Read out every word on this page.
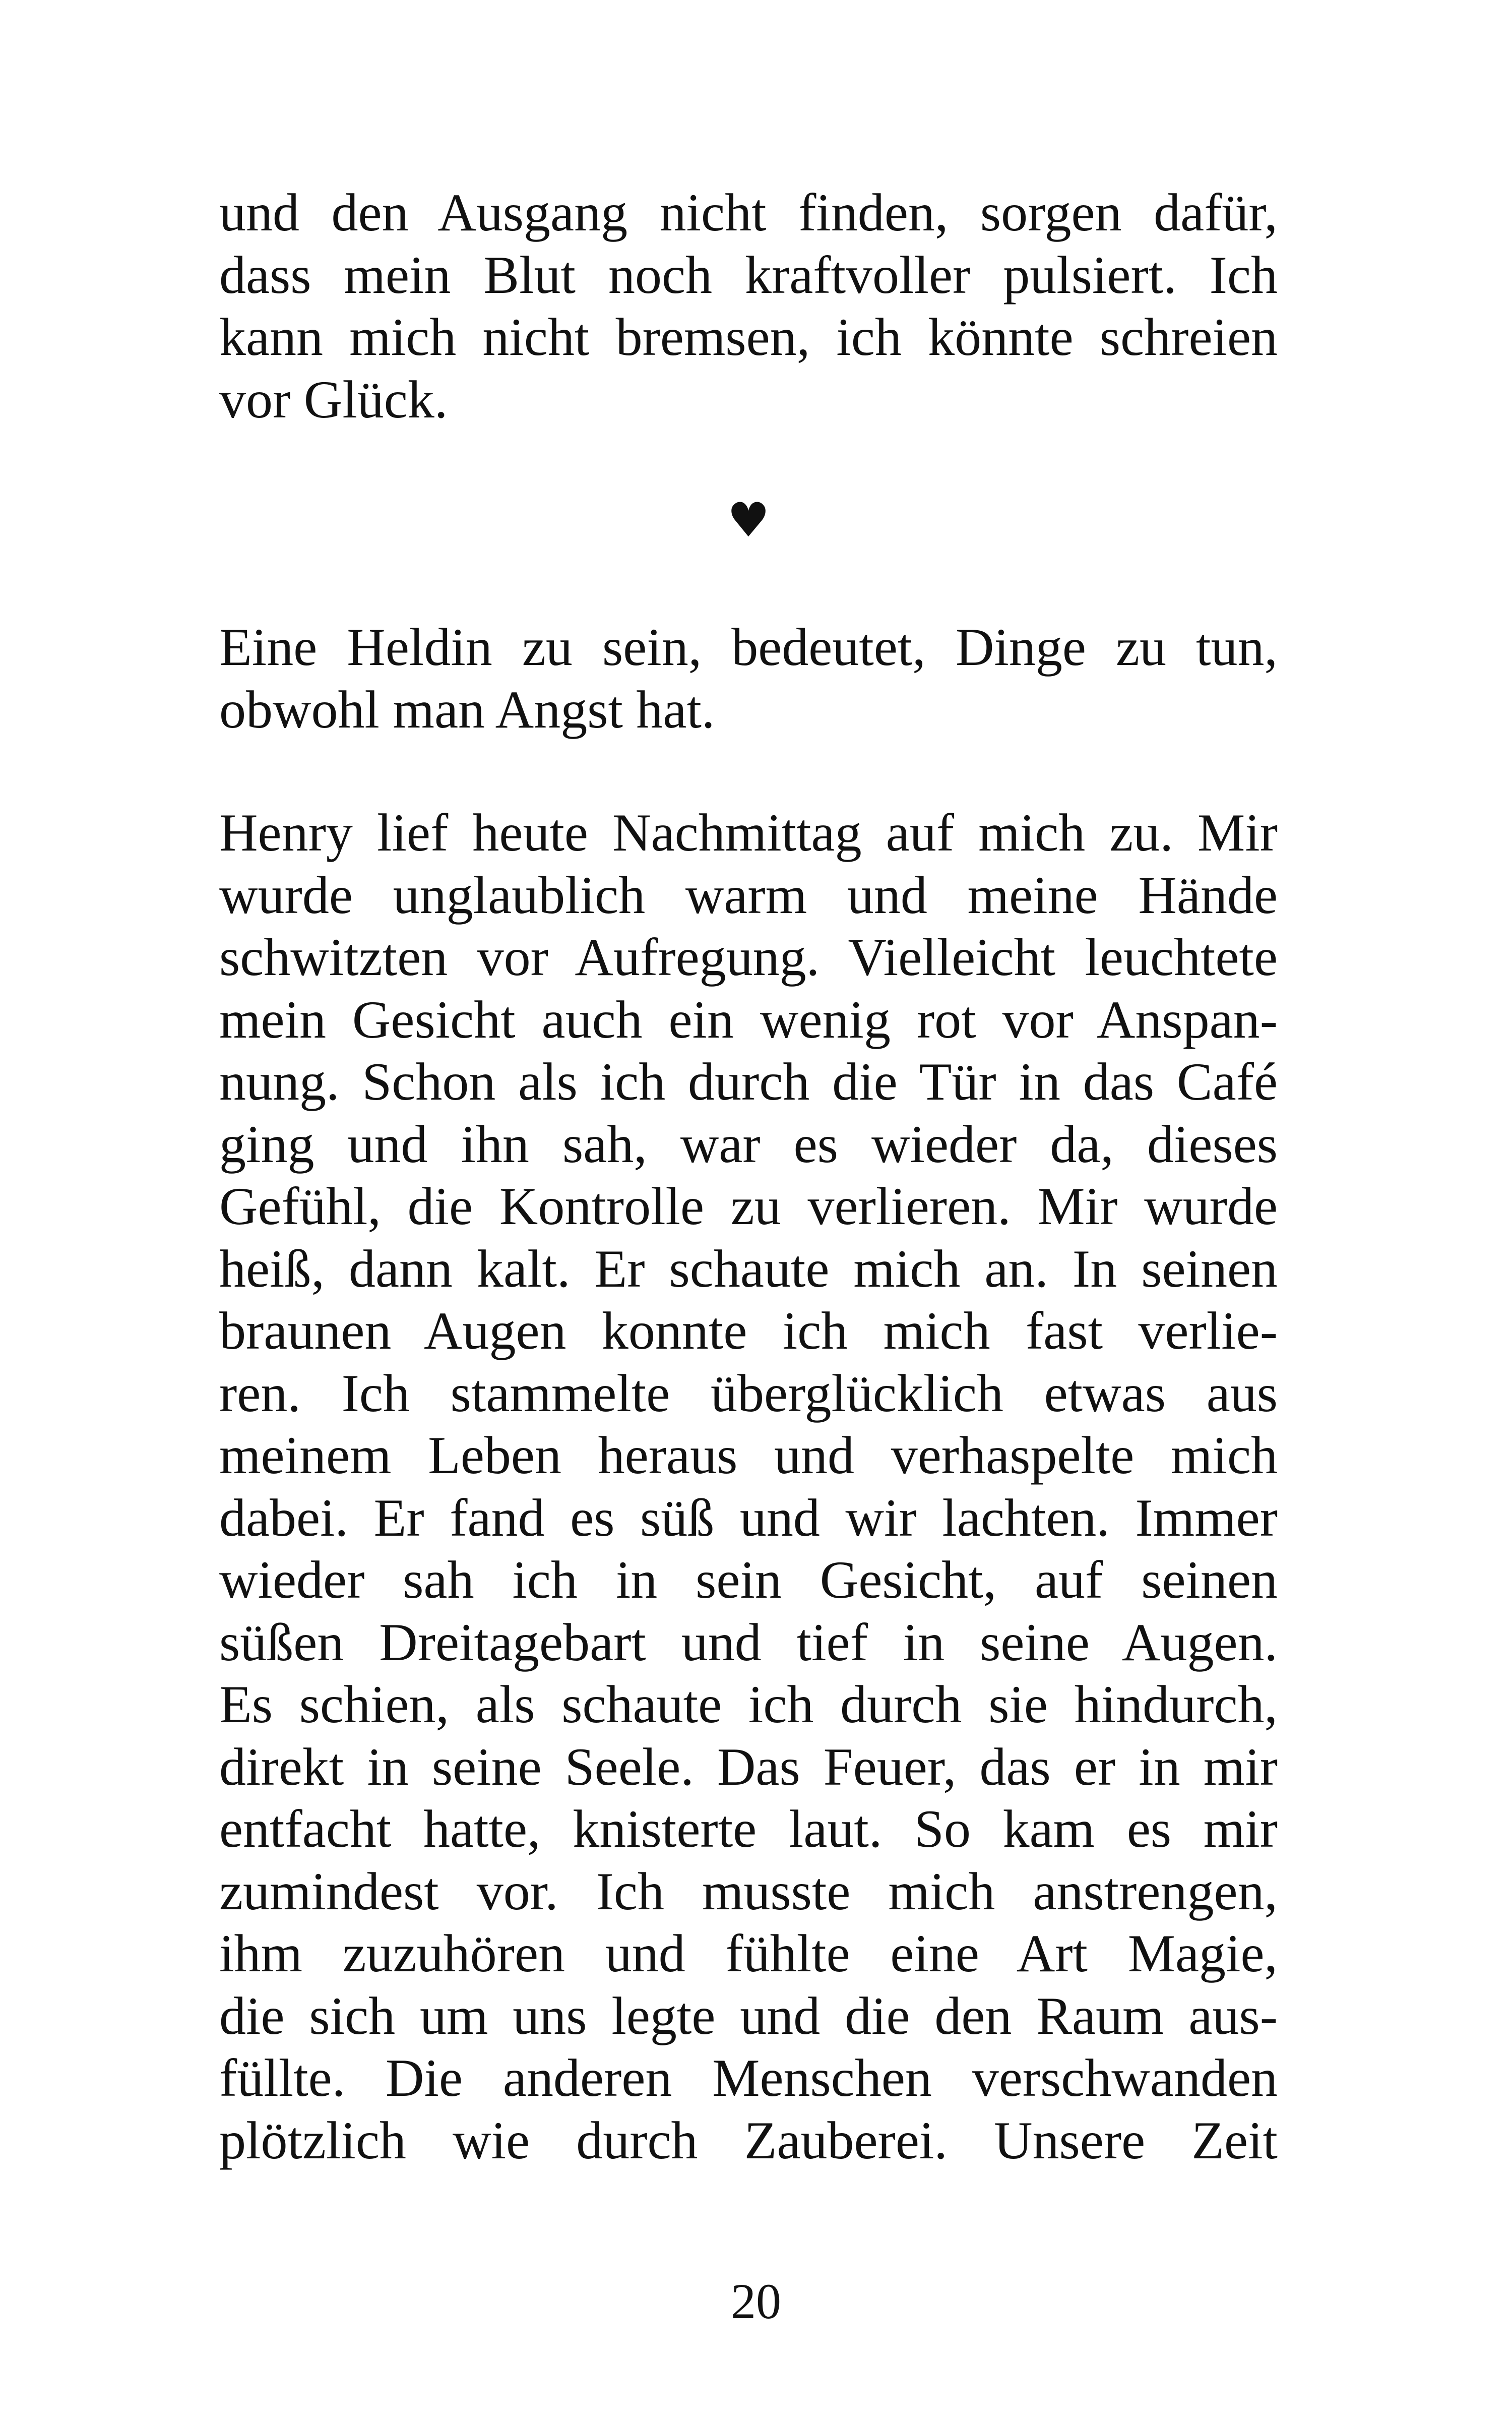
und den Ausgang nicht finden, sorgen dafür,
dass mein Blut noch kraftvoller pulsiert. Ich
kann mich nicht bremsen, ich könnte schreien
vor Glück.
♥
Eine Heldin zu sein, bedeutet, Dinge zu tun,
obwohl man Angst hat.
Henry lief heute Nachmittag auf mich zu. Mir
wurde unglaublich warm und meine Hände
schwitzten vor Aufregung. Vielleicht leuchtete
mein Gesicht auch ein wenig rot vor Anspan-
nung. Schon als ich durch die Tür in das Café
ging und ihn sah, war es wieder da, dieses
Gefühl, die Kontrolle zu verlieren. Mir wurde
heiß, dann kalt. Er schaute mich an. In seinen
braunen Augen konnte ich mich fast verlie-
ren. Ich stammelte überglücklich etwas aus
meinem Leben heraus und verhaspelte mich
dabei. Er fand es süß und wir lachten. Immer
wieder sah ich in sein Gesicht, auf seinen
süßen Dreitagebart und tief in seine Augen.
Es schien, als schaute ich durch sie hindurch,
direkt in seine Seele. Das Feuer, das er in mir
entfacht hatte, knisterte laut. So kam es mir
zumindest vor. Ich musste mich anstrengen,
ihm zuzuhören und fühlte eine Art Magie,
die sich um uns legte und die den Raum aus-
füllte. Die anderen Menschen verschwanden
plötzlich wie durch Zauberei. Unsere Zeit
20
